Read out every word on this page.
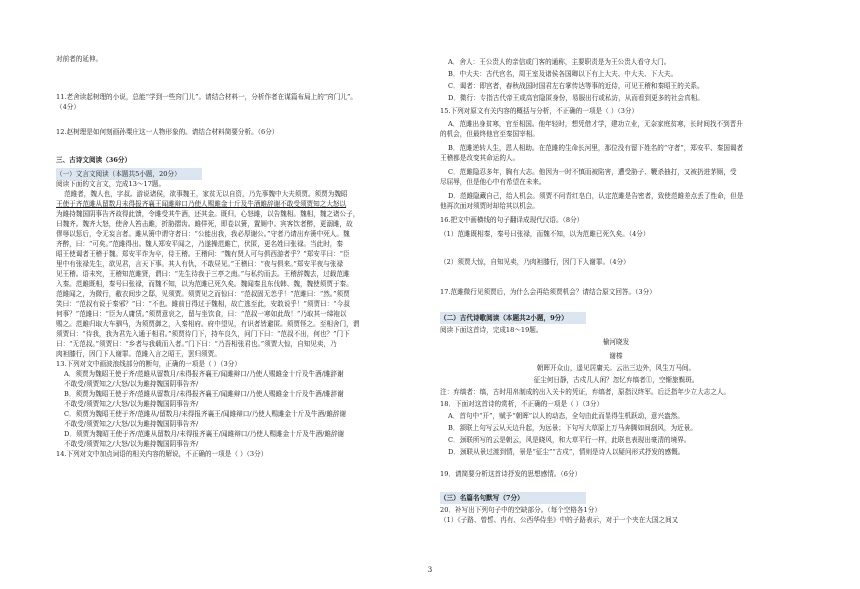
对前者的延伸。
11.老舍读起树理的小说，总能“学到一些窍门儿”。请结合材料一，分析作者在谋篇布局上的“窍门儿”。
（4分）
12.赵树理是如何刻画孙粟庄这一人物形象的。请结合材料简要分析。（6分）
三、古诗文阅读（36分）
（一）文言文阅读（本题共5小题，20分）
阅读下面的文言文，完成13～17题。
范雎者，魏人也，字叔。游说诸侯，欲事魏王，家贫无以自资，乃先事魏中大夫须贾。须贾为魏昭
王使于齐范雎从留数月未得报齐襄王闻雎辩口乃使人赐雎金十斤及牛酒雎辞谢不敢受须贾知之大怒以
为雎持魏国阴事告齐故得此馈，令雎受其牛酒，还其金。既归，心怒雎，以告魏相。魏相，魏之诸公子，
曰魏齐。魏齐大怒，使舍人笞击雎，折胁摺齿。雎佯死，即卷以箦，置厕中。宾客饮者醉，更溺雎，故
僇辱以惩后，令无妄言者。雎从箦中谓守者曰：“公能出我，我必厚谢公。”守者乃请出弃箦中死人。魏
齐醉，曰：“可矣。”范雎得出。魏人郑安平闻之，乃遂操范雎亡，伏匿，更名姓曰张禄。当此时，秦
昭王使谒者王稽于魏。郑安平诈为卒，侍王稽。王稽问：“魏有贤人可与俱西游者乎？”郑安平曰：“臣
里中有张禄先生，欲见君，言天下事。其人有仇，不敢昼见。”王稽曰：“夜与俱来。”郑安平夜与张禄
见王稽。语未究，王稽知范雎贤，谓曰：“先生待我于三亭之南。”与私约而去。王稽辞魏去，过载范雎
入秦。范雎既相，秦号曰张禄，而魏不知，以为范雎已死久矣。魏闻秦且东伐韩、魏，魏使须贾于秦。
范雎闻之，为微行，敝衣间步之邸，见须贾。须贾见之而惊曰：“范叔固无恙乎！”范雎曰：“然。”须贾
笑曰：“范叔有说于秦邪？”曰：“不也。雎前日得过于魏相，故亡逃至此，安敢说乎！”须贾曰：“今叔
何事？”范雎曰：“臣为人庸赁。”须贾意哀之，留与坐饮食，曰：“范叔一寒如此哉！”乃取其一绨袍以
赐之。范雎归取大车驷马，为须贾御之，入秦相府。府中望见，有识者皆避匿。须贾怪之。至相舍门，谓
须贾曰：“待我，我为君先入通于相君。”须贾待门下，持车良久，问门下曰：“范叔不出，何也？”门下
曰：“无范叔。”须贾曰：“乡者与我载而入者。”门下曰：“乃吾相张君也。”须贾大惊，自知见卖，乃
肉袒膝行，因门下人谢罪。范雎入言之昭王，罢归须贾。
13.下列对文中画波浪线部分的断句，正确的一项是（ ）（3分）
A．须贾为魏昭王使于齐/范雎从留数月/未得报齐襄王/闻雎辩口/乃使人赐雎金十斤及牛酒/雎辞谢
不敢受/须贾知之/大怒/以为雎持魏国阴事告齐/
B．须贾为魏昭王使于齐/范雎从留数月/未得报齐襄王/闻雎辩口/乃使人赐雎金十斤及牛酒/雎辞谢
不敢受/须贾知之/大怒/以为雎持魏国阴事告齐/
C．须贾为魏昭王使于齐/范雎从/留数月/未得报齐襄王/闻雎辩口/乃使人赐雎金十斤及牛酒/雎辞谢
不敢受/须贾知之/大怒/以为雎持魏国阴事告齐/
D．须贾为魏昭王使于齐/范雎从留数月/未得报齐襄王/闻雎辩口/乃使人赐雎金十斤及牛酒/雎辞谢
不敢受/须贾知之/大怒/以为雎持魏国阴事告齐/
14.下列对文中加点词语的相关内容的解说，不正确的一项是（ ）（3分）
A．舍人：王公贵人的亲信或门客的通称，主要职责是为王公贵人看守大门。
B．中大夫：古代官名，周王室及诸侯各国卿以下有上大夫、中大夫、下大夫。
C．谒者：即宫者，春秋战国时国君左右掌传达等事的近侍，可见王稽和秦昭王的关系。
D．微行：专指古代帝王或高官隐匿身份，易服出行或私访，从而看到更多的社会真相。
15.下列对原文有关内容的概括与分析，不正确的一项是（ ）（3分）
A．范雎出身贫寒，官至相国。他年轻时，想凭借才学，建功立业，无奈家庭贫寒，长时间找不到晋升
的机会，但最终他官至秦国宰相。
B．范雎逆转人生，恩人相助。在范雎的生命长河里，那位没有留下姓名的“守者”，郑安平、秦国谒者
王稽都是改变其命运的人。
C．范雎隐忍多年，胸有大志。他因为一时不慎而被陷害，遭受胁子、鞭杀抽打，又被扔进茅厕，受
尽屈辱，但是他心中有希望在未来。
D．范雎隐藏自己，给人机会。须贾不问青红皂白，认定范雎是告密者，致使范雎差点丢了性命，但是
他再次面对须贾时却给其以机会。
16.把文中画横线的句子翻译成现代汉语。（8分）
（1）范雎既相秦，秦号曰张禄，而魏不知，以为范雎已死久矣。（4分）
（2）须贾大惊，自知见卖，乃肉袒膝行，因门下人谢罪。（4分）
17.范雎微行见须贾后，为什么会再给须贾机会？请结合原文回答。（3分）
（二）古代诗歌阅读（本题共2小题，9分）
阅读下面这首诗，完成18～19题。
榆河晓发
谢榛
朝晖开众山，遥见居庸关。云出三边外，风生万马间。
征尘何日静，古戍几人闲？忽忆弃缟者①，空惭旅鬓斑。
注：弃缟者：缟，古时用帛制成的出入关卡的凭证，弃缟者，原指汉终军。后泛指年少立大志之人。
18．下面对这首诗的赏析，不正确的一项是（ ）（3分）
A．首句中“开”，赋予“朝晖”以人的动态，全句由此而显得生机跃动，意兴盎然。
B．颔联上句写云从天边升起，为远景；下句写大草原上万马奔腾如间刮风，为近景。
C．颈联所写的云是朝云，风是晓风，和大草平行一样，此联也表现出豪清的境界。
D．颈联从景过渡到情，景是“征尘”“古戍”，情则是诗人以疑问形式抒发的感慨。
19．请简要分析这首诗抒发的思想感情。（6分）
（三）名篇名句默写（7分）
20．补写出下列句子中的空缺部分。（每个空格各1分）
（1）《子路、曾皙、冉有、公西华侍坐》中的子路表示，对于一个夹在大国之间又
3
